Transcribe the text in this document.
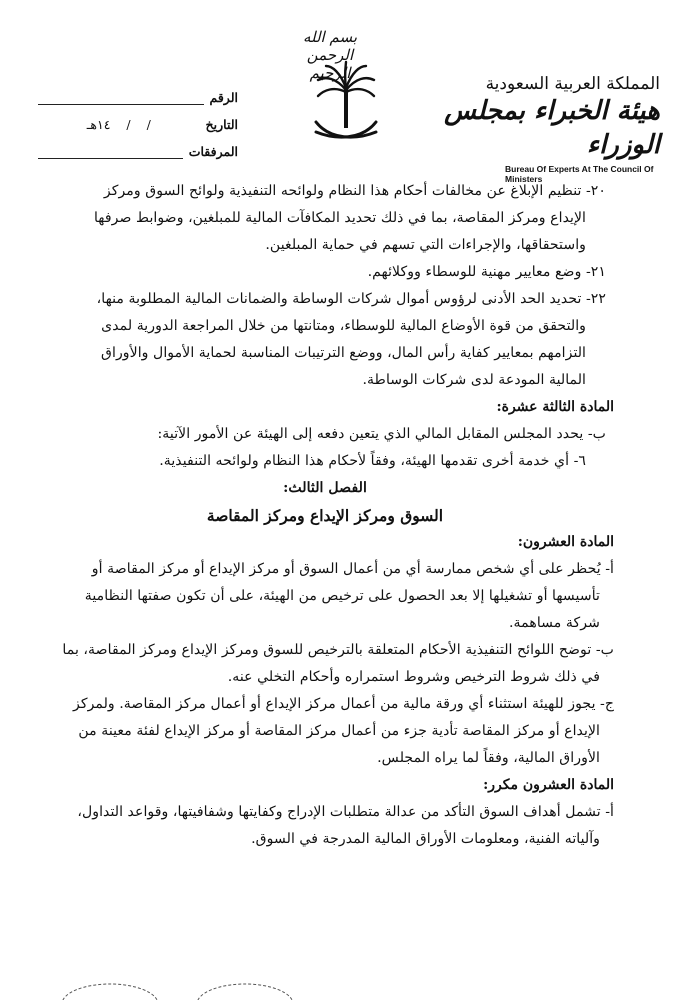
بسم الله الرحمن الرحيم
المملكة العربية السعودية
هيئة الخبراء بمجلس الوزراء
Bureau Of Experts At The Council Of Ministers
الرقم
التاريخ
/ / ١٤هـ
المرفقات

٢٠- تنظيم الإبلاغ عن مخالفات أحكام هذا النظام ولوائحه التنفيذية ولوائح السوق ومركز

الإيداع ومركز المقاصة، بما في ذلك تحديد المكافآت المالية للمبلغين، وضوابط صرفها

واستحقاقها، والإجراءات التي تسهم في حماية المبلغين.

٢١- وضع معايير مهنية للوسطاء ووكلائهم.

٢٢- تحديد الحد الأدنى لرؤوس أموال شركات الوساطة والضمانات المالية المطلوبة منها،

والتحقق من قوة الأوضاع المالية للوسطاء، ومتانتها من خلال المراجعة الدورية لمدى

التزامهم بمعايير كفاية رأس المال، ووضع الترتيبات المناسبة لحماية الأموال والأوراق

المالية المودعة لدى شركات الوساطة.

المادة الثالثة عشرة:

ب- يحدد المجلس المقابل المالي الذي يتعين دفعه إلى الهيئة عن الأمور الآتية:

٦- أي خدمة أخرى تقدمها الهيئة، وفقاً لأحكام هذا النظام ولوائحه التنفيذية.

الفصل الثالث:
السوق ومركز الإيداع ومركز المقاصة
المادة العشرون:

أ- يُحظر على أي شخص ممارسة أي من أعمال السوق أو مركز الإيداع أو مركز المقاصة أو

تأسيسها أو تشغيلها إلا بعد الحصول على ترخيص من الهيئة، على أن تكون صفتها النظامية

شركة مساهمة.

ب- توضح اللوائح التنفيذية الأحكام المتعلقة بالترخيص للسوق ومركز الإيداع ومركز المقاصة، بما

في ذلك شروط الترخيص وشروط استمراره وأحكام التخلي عنه.

ج- يجوز للهيئة استثناء أي ورقة مالية من أعمال مركز الإيداع أو أعمال مركز المقاصة. ولمركز

الإيداع أو مركز المقاصة تأدية جزء من أعمال مركز المقاصة أو مركز الإيداع لفئة معينة من

الأوراق المالية، وفقاً لما يراه المجلس.

المادة العشرون مكرر:

أ- تشمل أهداف السوق التأكد من عدالة متطلبات الإدراج وكفايتها وشفافيتها، وقواعد التداول،

وآلياته الفنية، ومعلومات الأوراق المالية المدرجة في السوق.
